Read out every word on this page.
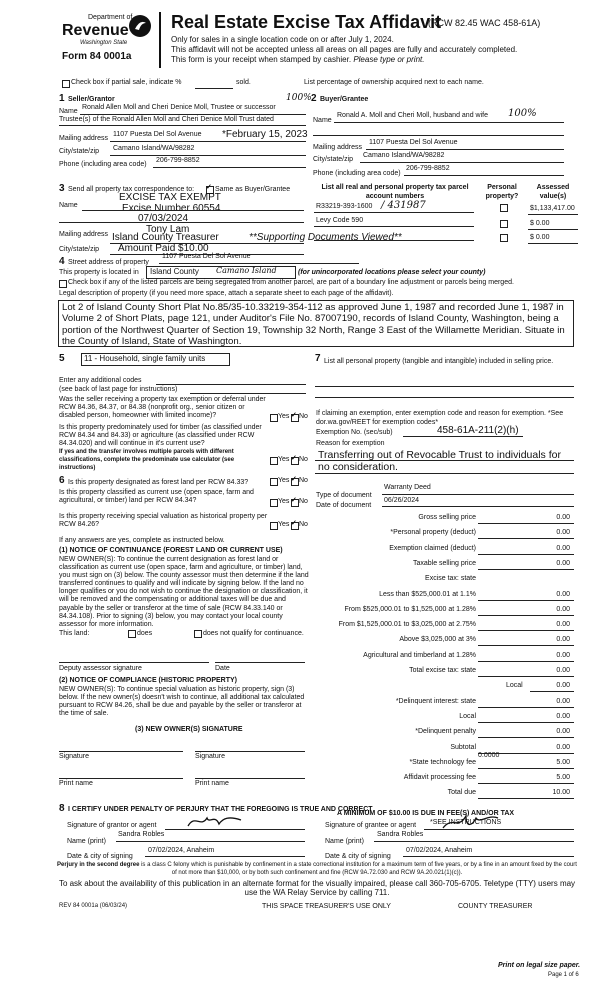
Department of
Revenue
Washington State
Form 84 0001a
Real Estate Excise Tax Affidavit
(RCW 82.45 WAC 458-61A)
Only for sales in a single location code on or after July 1, 2024.
This affidavit will not be accepted unless all areas on all pages are fully and accurately completed.
This form is your receipt when stamped by cashier. Please type or print.
Check box if partial sale, indicate %	sold.	List percentage of ownership acquired next to each name.
1 Seller/Grantor	100%
Name
Ronald Allen Moll and Cheri Denice Moll, Trustee or successor
Trustee(s) of the Ronald Allen Moll and Cheri Denice Moll Trust dated
Mailing address
1107 Puesta Del Sol Avenue *February 15, 2023
City/state/zip Camano Island/WA/98282
Phone (including area code)
206-799-8852
2 Buyer/Grantee
100%
Name
Ronald A. Moll and Cheri Moll, husband and wife
Mailing address
1107 Puesta Del Sol Avenue
City/state/zip
Camano Island/WA/98282
Phone (including area code)
206-799-8852
3 Send all property tax correspondence to: ✓ Same as Buyer/Grantee
Name
EXCISE TAX EXEMPT
Excise Number 60554
07/03/2024
Tony Lam
Mailing address Island County Treasurer
City/state/zip Amount Paid $10.00
**Supporting Documents Viewed**
List all real and personal property tax parcel account numbers
Personal property?
Assessed value(s)
R33219-393-1600 / 431987	$1,133,417.00
Levy Code 590	$ 0.00
$ 0.00
4 Street address of property
1107 Puesta Del Sol Avenue
This property is located in Island County Camano Island	(for unincorporated locations please select your county)
Check box if any of the listed parcels are being segregated from another parcel, are part of a boundary line adjustment or parcels being merged.
Legal description of property (if you need more space, attach a separate sheet to each page of the affidavit).
Lot 2 of Island County Short Plat No.85/35-10.33219-354-112 as approved June 1, 1987 and recorded June 1, 1987 in Volume 2 of Short Plats, page 121, under Auditor's File No. 87007190, records of Island County, Washington, being a portion of the Northwest Quarter of Section 19, Township 32 North, Range 3 East of the Willamette Meridian. Situate in the County of Island, State of Washington.
5 11 - Household, single family units
Enter any additional codes
(see back of last page for instructions)
Was the seller receiving a property tax exemption or deferral under RCW 84.36, 84.37, or 84.38 (nonprofit org., senior citizen or disabled person, homeowner with limited income)?	Yes ✓ No
Is this property predominately used for timber (as classified under RCW 84.34 and 84.33) or agriculture (as classified under RCW 84.34.020) and will continue in it's current use?
If yes and the transfer involves multiple parcels with different classifications, complete the predominate use calculator (see instructions)
Yes ✓ No
6 Is this property designated as forest land per RCW 84.33?	Yes ✓ No
Is this property classified as current use (open space, farm and agricultural, or timber) land per RCW 84.34?	Yes ✓ No
Is this property receiving special valuation as historical property per RCW 84.26?	Yes ✓ No
If any answers are yes, complete as instructed below.
(1) NOTICE OF CONTINUANCE (FOREST LAND OR CURRENT USE)
NEW OWNER(S): To continue the current designation as forest land or classification as current use (open space, farm and agriculture, or timber) land, you must sign on (3) below. The county assessor must then determine if the land transferred continues to qualify and will indicate by signing below. If the land no longer qualifies or you do not wish to continue the designation or classification, it will be removed and the compensating or additional taxes will be due and payable by the seller or transferor at the time of sale (RCW 84.33.140 or 84.34.108). Prior to signing (3) below, you may contact your local county assessor for more information.
This land:	does	does not qualify for continuance.
Deputy assessor signature	Date
(2) NOTICE OF COMPLIANCE (HISTORIC PROPERTY)
NEW OWNER(S): To continue special valuation as historic property, sign (3) below. If the new owner(s) doesn't wish to continue, all additional tax calculated pursuant to RCW 84.26, shall be due and payable by the seller or transferor at the time of sale.
(3) NEW OWNER(S) SIGNATURE
Signature	Signature
Print name	Print name
7 List all personal property (tangible and intangible) included in selling price.
If claiming an exemption, enter exemption code and reason for exemption. *See dor.wa.gov/REET for exemption codes*
Exemption No. (sec/sub)	458-61A-211(2)(h)
Reason for exemption
Transferring out of Revocable Trust to individuals for no consideration.
Type of document
Warranty Deed
Date of document
06/26/2024
0.0000
A MINIMUM OF $10.00 IS DUE IN FEE(S) AND/OR TAX
*SEE INSTRUCTIONS
8 I CERTIFY UNDER PENALTY OF PERJURY THAT THE FOREGOING IS TRUE AND CORRECT
Signature of grantor or agent
Name (print)
Sandra Robles
Date & city of signing
07/02/2024, Anaheim
Signature of grantee or agent
Name (print)
Sandra Robles
Date & city of signing
07/02/2024, Anaheim
Perjury in the second degree is a class C felony which is punishable by confinement in a state correctional institution for a maximum term of five years, or by a fine in an amount fixed by the court of not more than $10,000, or by both such confinement and fine (RCW 9A.72.030 and RCW 9A.20.021(1)(c)).
To ask about the availability of this publication in an alternate format for the visually impaired, please call 360-705-6705. Teletype (TTY) users may use the WA Relay Service by calling 711.
REV 84 0001a (06/03/24)	THIS SPACE TREASURER'S USE ONLY	COUNTY TREASURER
Print on legal size paper.
Page 1 of 6
Gross selling price	0.00
*Personal property (deduct)	0.00
Exemption claimed (deduct)	0.00
Taxable selling price	0.00
Excise tax: state
Less than $525,000.01 at 1.1%	0.00
From $525,000.01 to $1,525,000 at 1.28%	0.00
From $1,525,000.01 to $3,025,000 at 2.75%	0.00
Above $3,025,000 at 3%	0.00
Agricultural and timberland at 1.28%	0.00
Total excise tax: state	0.00
Local	0.00
*Delinquent interest: state	0.00
Local	0.00
*Delinquent penalty	0.00
Subtotal	0.00
*State technology fee	5.00
Affidavit processing fee	5.00
Total due	10.00
